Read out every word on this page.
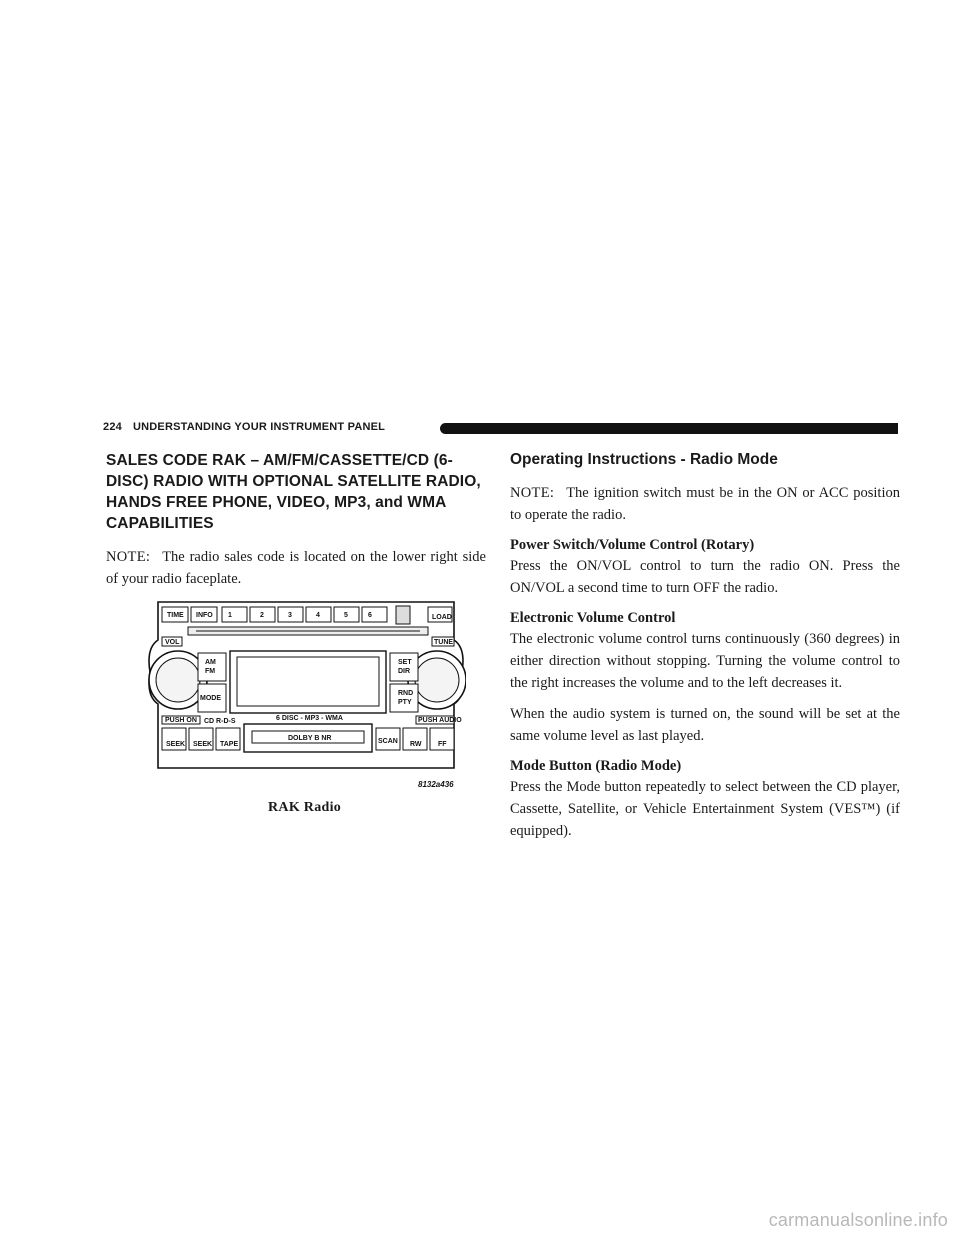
224 UNDERSTANDING YOUR INSTRUMENT PANEL
SALES CODE RAK – AM/FM/CASSETTE/CD (6-DISC) RADIO WITH OPTIONAL SATELLITE RADIO, HANDS FREE PHONE, VIDEO, MP3, and WMA CAPABILITIES

NOTE: The radio sales code is located on the lower right side of your radio faceplate.

TIME INFO 1	2	3	4	5	6	LOAD
VOL	TUNE
AM
FM
MODE
SET
DIR
RND
PTY
PUSH ON CD R-D-S	6 DISC - MP3 - WMA	PUSH AUDIO
SEEK SEEK TAPE
DOLBY B NR	SCAN RW FF
8132a436
RAK Radio
Operating Instructions - Radio Mode

NOTE: The ignition switch must be in the ON or ACC position to operate the radio.

Power Switch/Volume Control (Rotary)

Press the ON/VOL control to turn the radio ON. Press the ON/VOL a second time to turn OFF the radio.

Electronic Volume Control

The electronic volume control turns continuously (360 degrees) in either direction without stopping. Turning the volume control to the right increases the volume and to the left decreases it.

When the audio system is turned on, the sound will be set at the same volume level as last played.

Mode Button (Radio Mode)

Press the Mode button repeatedly to select between the CD player, Cassette, Satellite, or Vehicle Entertainment System (VES™) (if equipped).

carmanualsonline.info
